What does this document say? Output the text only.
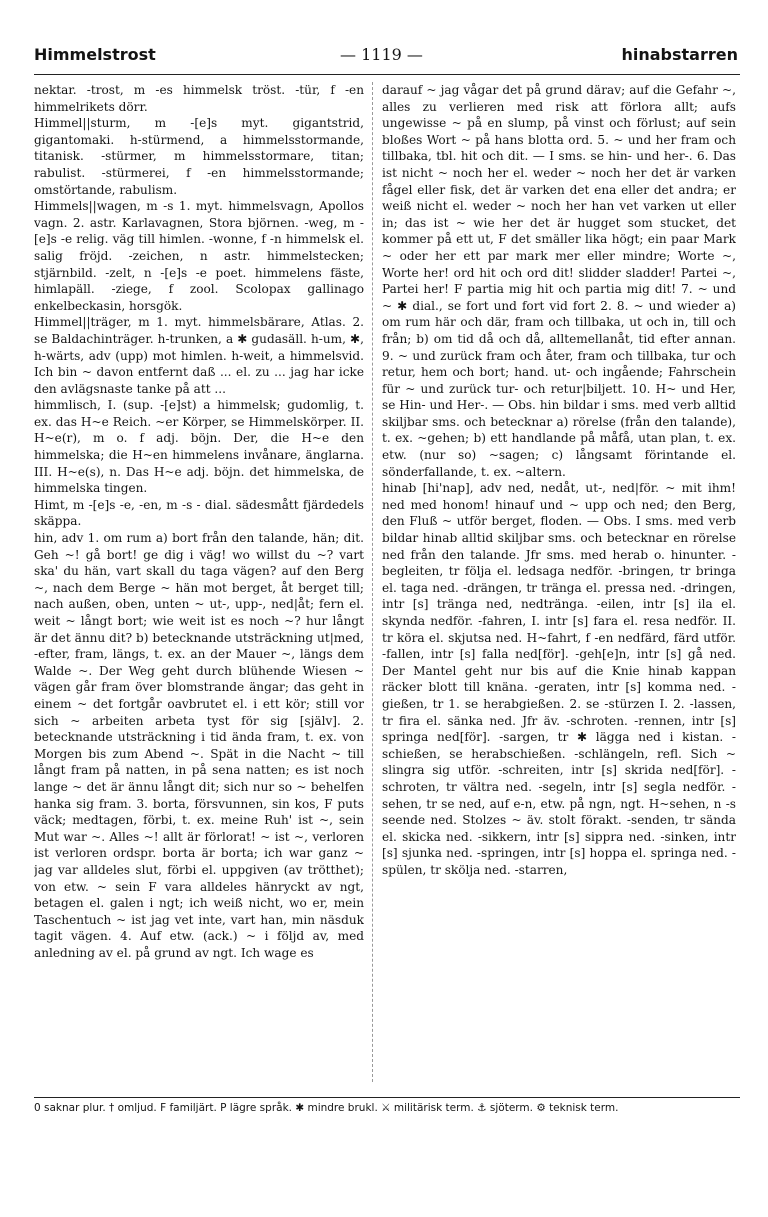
Himmelstrost	— 1119 —	hinabstarren

nektar. -trost, m -es himmelsk tröst. -tür, f -en himmelrikets dörr.

Himmel||sturm, m -[e]s myt. gigantstrid, gigantomaki. h-stürmend, a himmelsstormande, titanisk. -stürmer, m himmelsstormare, titan; rabulist. -stürmerei, f -en himmelsstormande; omstörtande, rabulism.

Himmels||wagen, m -s 1. myt. himmelsvagn, Apollos vagn. 2. astr. Karlavagnen, Stora björnen. -weg, m -[e]s -e relig. väg till himlen. -wonne, f -n himmelsk el. salig fröjd. -zeichen, n astr. himmelstecken; stjärnbild. -zelt, n -[e]s -e poet. himmelens fäste, himlapäll. -ziege, f zool. Scolopax gallinago enkelbeckasin, horsgök.

Himmel||träger, m 1. myt. himmelsbärare, Atlas. 2. se Baldachinträger. h-trunken, a ✱ gudasäll. h-um, ✱, h-wärts, adv (upp) mot himlen. h-weit, a himmelsvid. Ich bin ~ davon entfernt daß ... el. zu ... jag har icke den avlägsnaste tanke på att ...

himmlisch, I. (sup. -[e]st) a himmelsk; gudomlig, t. ex. das H~e Reich. ~er Körper, se Himmelskörper. II. H~e(r), m o. f adj. böjn. Der, die H~e den himmelska; die H~en himmelens invånare, änglarna. III. H~e(s), n. Das H~e adj. böjn. det himmelska, de himmelska tingen.

Himt, m -[e]s -e, -en, m -s - dial. sädesmått fjärdedels skäppa.

hin, adv 1. om rum a) bort från den talande, hän; dit. Geh ~! gå bort! ge dig i väg! wo willst du ~? vart ska' du hän, vart skall du taga vägen? auf den Berg ~, nach dem Berge ~ hän mot berget, åt berget till; nach außen, oben, unten ~ ut-, upp-, ned|åt; fern el. weit ~ långt bort; wie weit ist es noch ~? hur långt är det ännu dit? b) betecknande utsträckning ut|med, -efter, fram, längs, t. ex. an der Mauer ~, längs dem Walde ~. Der Weg geht durch blühende Wiesen ~ vägen går fram över blomstrande ängar; das geht in einem ~ det fortgår oavbrutet el. i ett kör; still vor sich ~ arbeiten arbeta tyst för sig [själv]. 2. betecknande utsträckning i tid ända fram, t. ex. von Morgen bis zum Abend ~. Spät in die Nacht ~ till långt fram på natten, in på sena natten; es ist noch lange ~ det är ännu långt dit; sich nur so ~ behelfen hanka sig fram. 3. borta, försvunnen, sin kos, F puts väck; medtagen, förbi, t. ex. meine Ruh' ist ~, sein Mut war ~. Alles ~! allt är förlorat! ~ ist ~, verloren ist verloren ordspr. borta är borta; ich war ganz ~ jag var alldeles slut, förbi el. uppgiven (av trötthet); von etw. ~ sein F vara alldeles hänryckt av ngt, betagen el. galen i ngt; ich weiß nicht, wo er, mein Taschentuch ~ ist jag vet inte, vart han, min näsduk tagit vägen. 4. Auf etw. (ack.) ~ i följd av, med anledning av el. på grund av ngt. Ich wage es

darauf ~ jag vågar det på grund därav; auf die Gefahr ~, alles zu verlieren med risk att förlora allt; aufs ungewisse ~ på en slump, på vinst och förlust; auf sein bloßes Wort ~ på hans blotta ord. 5. ~ und her fram och tillbaka, tbl. hit och dit. — I sms. se hin- und her-. 6. Das ist nicht ~ noch her el. weder ~ noch her det är varken fågel eller fisk, det är varken det ena eller det andra; er weiß nicht el. weder ~ noch her han vet varken ut eller in; das ist ~ wie her det är hugget som stucket, det kommer på ett ut, F det smäller lika högt; ein paar Mark ~ oder her ett par mark mer eller mindre; Worte ~, Worte her! ord hit och ord dit! slidder sladder! Partei ~, Partei her! F partia mig hit och partia mig dit! 7. ~ und ~ ✱ dial., se fort und fort vid fort 2. 8. ~ und wieder a) om rum här och där, fram och tillbaka, ut och in, till och från; b) om tid då och då, alltemellanåt, tid efter annan. 9. ~ und zurück fram och åter, fram och tillbaka, tur och retur, hem och bort; hand. ut- och ingående; Fahrschein für ~ und zurück tur- och retur|biljett. 10. H~ und Her, se Hin- und Her-. — Obs. hin bildar i sms. med verb alltid skiljbar sms. och betecknar a) rörelse (från den talande), t. ex. ~gehen; b) ett handlande på måfå, utan plan, t. ex. etw. (nur so) ~sagen; c) långsamt förintande el. sönderfallande, t. ex. ~altern.

hinab [hi'nap], adv ned, nedåt, ut-, ned|för. ~ mit ihm! ned med honom! hinauf und ~ upp och ned; den Berg, den Fluß ~ utför berget, floden. — Obs. I sms. med verb bildar hinab alltid skiljbar sms. och betecknar en rörelse ned från den talande. Jfr sms. med herab o. hinunter. -begleiten, tr följa el. ledsaga nedför. -bringen, tr bringa el. taga ned. -drängen, tr tränga el. pressa ned. -dringen, intr [s] tränga ned, nedtränga. -eilen, intr [s] ila el. skynda nedför. -fahren, I. intr [s] fara el. resa nedför. II. tr köra el. skjutsa ned. H~fahrt, f -en nedfärd, färd utför. -fallen, intr [s] falla ned[för]. -geh[e]n, intr [s] gå ned. Der Mantel geht nur bis auf die Knie hinab kappan räcker blott till knäna. -geraten, intr [s] komma ned. -gießen, tr 1. se herabgießen. 2. se -stürzen I. 2. -lassen, tr fira el. sänka ned. Jfr äv. -schroten. -rennen, intr [s] springa ned[för]. -sargen, tr ✱ lägga ned i kistan. -schießen, se herabschießen. -schlängeln, refl. Sich ~ slingra sig utför. -schreiten, intr [s] skrida ned[för]. -schroten, tr vältra ned. -segeln, intr [s] segla nedför. -sehen, tr se ned, auf e-n, etw. på ngn, ngt. H~sehen, n -s seende ned. Stolzes ~ äv. stolt förakt. -senden, tr sända el. skicka ned. -sikkern, intr [s] sippra ned. -sinken, intr [s] sjunka ned. -springen, intr [s] hoppa el. springa ned. -spülen, tr skölja ned. -starren,

0 saknar plur. † omljud. F familjärt. P lägre språk. ✱ mindre brukl. ⚔ militärisk term. ⚓ sjöterm. ⚙ teknisk term.
